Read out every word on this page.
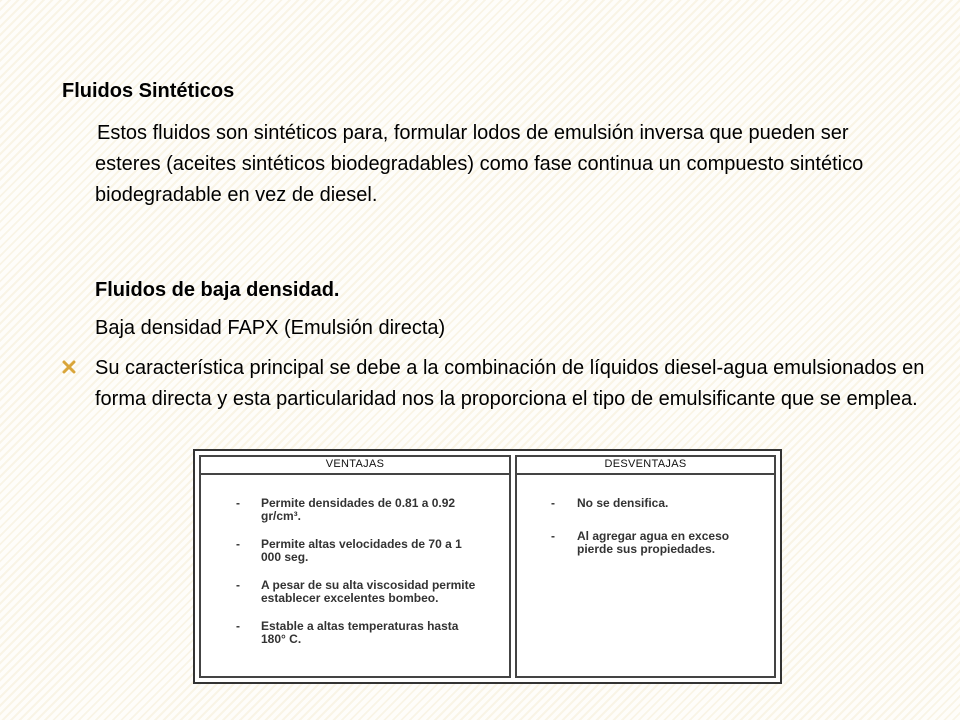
Fluidos Sintéticos
Estos fluidos son sintéticos para, formular lodos de emulsión inversa que pueden ser esteres (aceites sintéticos biodegradables) como fase continua un compuesto sintético biodegradable en vez de diesel.
Fluidos de baja densidad.
Baja densidad FAPX (Emulsión directa)
Su característica principal se debe a la combinación de líquidos diesel-agua emulsionados en forma directa y esta particularidad nos la proporciona el tipo de emulsificante que se emplea.
VENTAJAS
- Permite densidades de 0.81 a 0.92 gr/cm³.
- Permite altas velocidades de 70 a 1 000 seg.
- A pesar de su alta viscosidad permite establecer excelentes bombeo.
- Estable a altas temperaturas hasta 180° C.
DESVENTAJAS
- No se densifica.
- Al agregar agua en exceso pierde sus propiedades.
